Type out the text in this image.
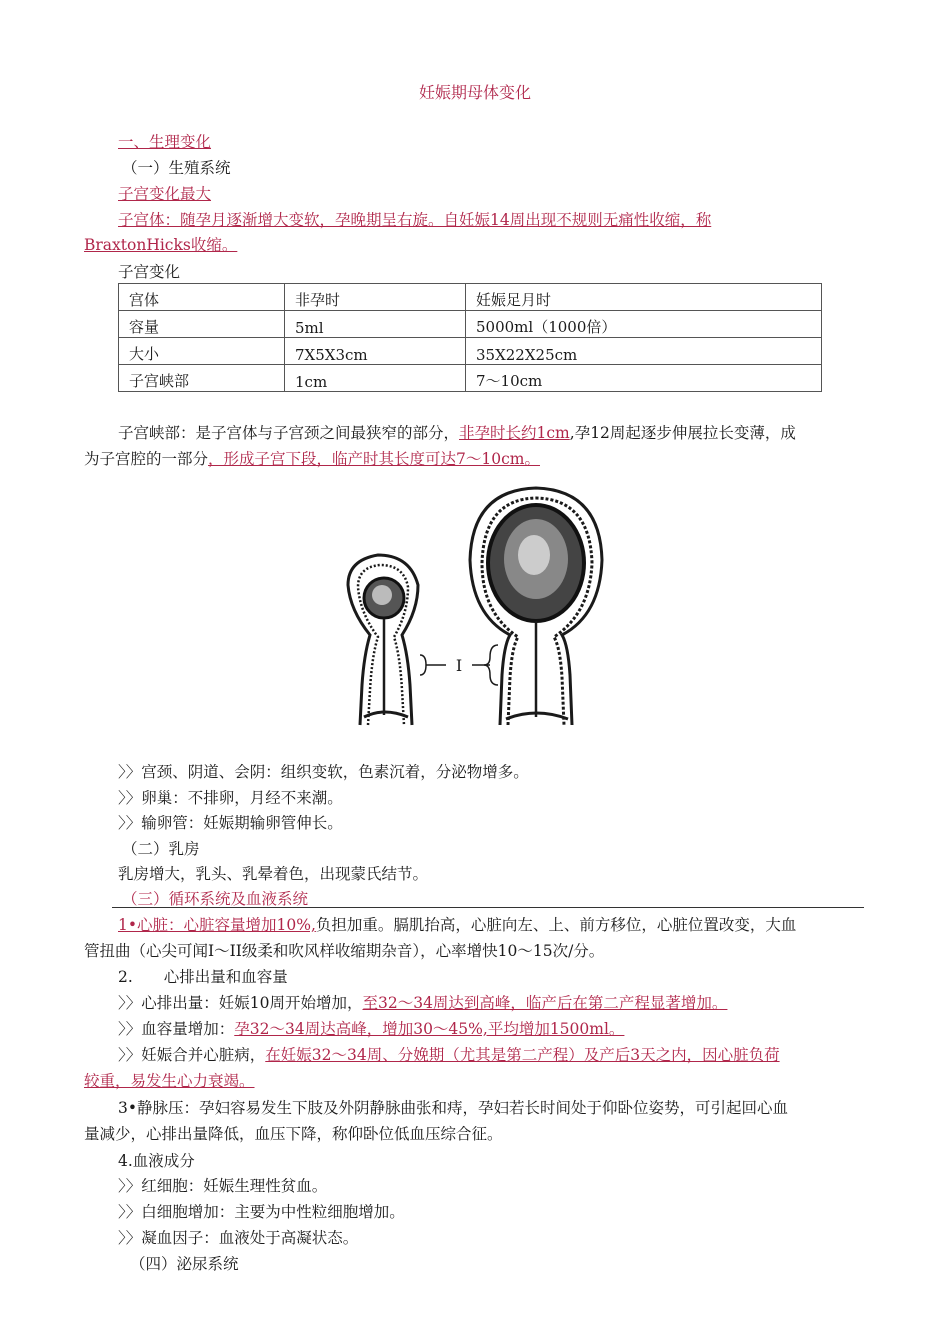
妊娠期母体变化
一、生理变化
（一）生殖系统
子宫变化最大
子宫体：随孕月逐渐增大变软，孕晚期呈右旋。自妊娠14周出现不规则无痛性收缩，称
BraxtonHicks收缩。
子宫变化
宫体	非孕时	妊娠足月时
容量	5ml	5000ml（1000倍）
大小	7X5X3cm	35X22X25cm
子宫峡部	1cm	7～10cm
子宫峡部：是子宫体与子宫颈之间最狭窄的部分，非孕时长约1cm,孕12周起逐步伸展拉长变薄，成
为子宫腔的一部分，形成子宫下段，临产时其长度可达7～10cm。
I
〉〉宫颈、阴道、会阴：组织变软，色素沉着，分泌物增多。
〉〉卵巢：不排卵，月经不来潮。
〉〉输卵管：妊娠期输卵管伸长。
（二）乳房
乳房增大，乳头、乳晕着色，出现蒙氏结节。
（三）循环系统及血液系统
1•心脏：心脏容量增加10%,负担加重。膈肌抬高，心脏向左、上、前方移位，心脏位置改变，大血
管扭曲（心尖可闻I～II级柔和吹风样收缩期杂音），心率增快10～15次/分。
2.　　心排出量和血容量
〉〉心排出量：妊娠10周开始增加，至32～34周达到高峰，临产后在第二产程显著增加。
〉〉血容量增加：孕32～34周达高峰，增加30～45%,平均增加1500ml。
〉〉妊娠合并心脏病，在妊娠32～34周、分娩期（尤其是第二产程）及产后3天之内，因心脏负荷
较重，易发生心力衰竭。
3•静脉压：孕妇容易发生下肢及外阴静脉曲张和痔，孕妇若长时间处于仰卧位姿势，可引起回心血
量减少，心排出量降低，血压下降，称仰卧位低血压综合征。
4.血液成分
〉〉红细胞：妊娠生理性贫血。
〉〉白细胞增加：主要为中性粒细胞增加。
〉〉凝血因子：血液处于高凝状态。
（四）泌尿系统
